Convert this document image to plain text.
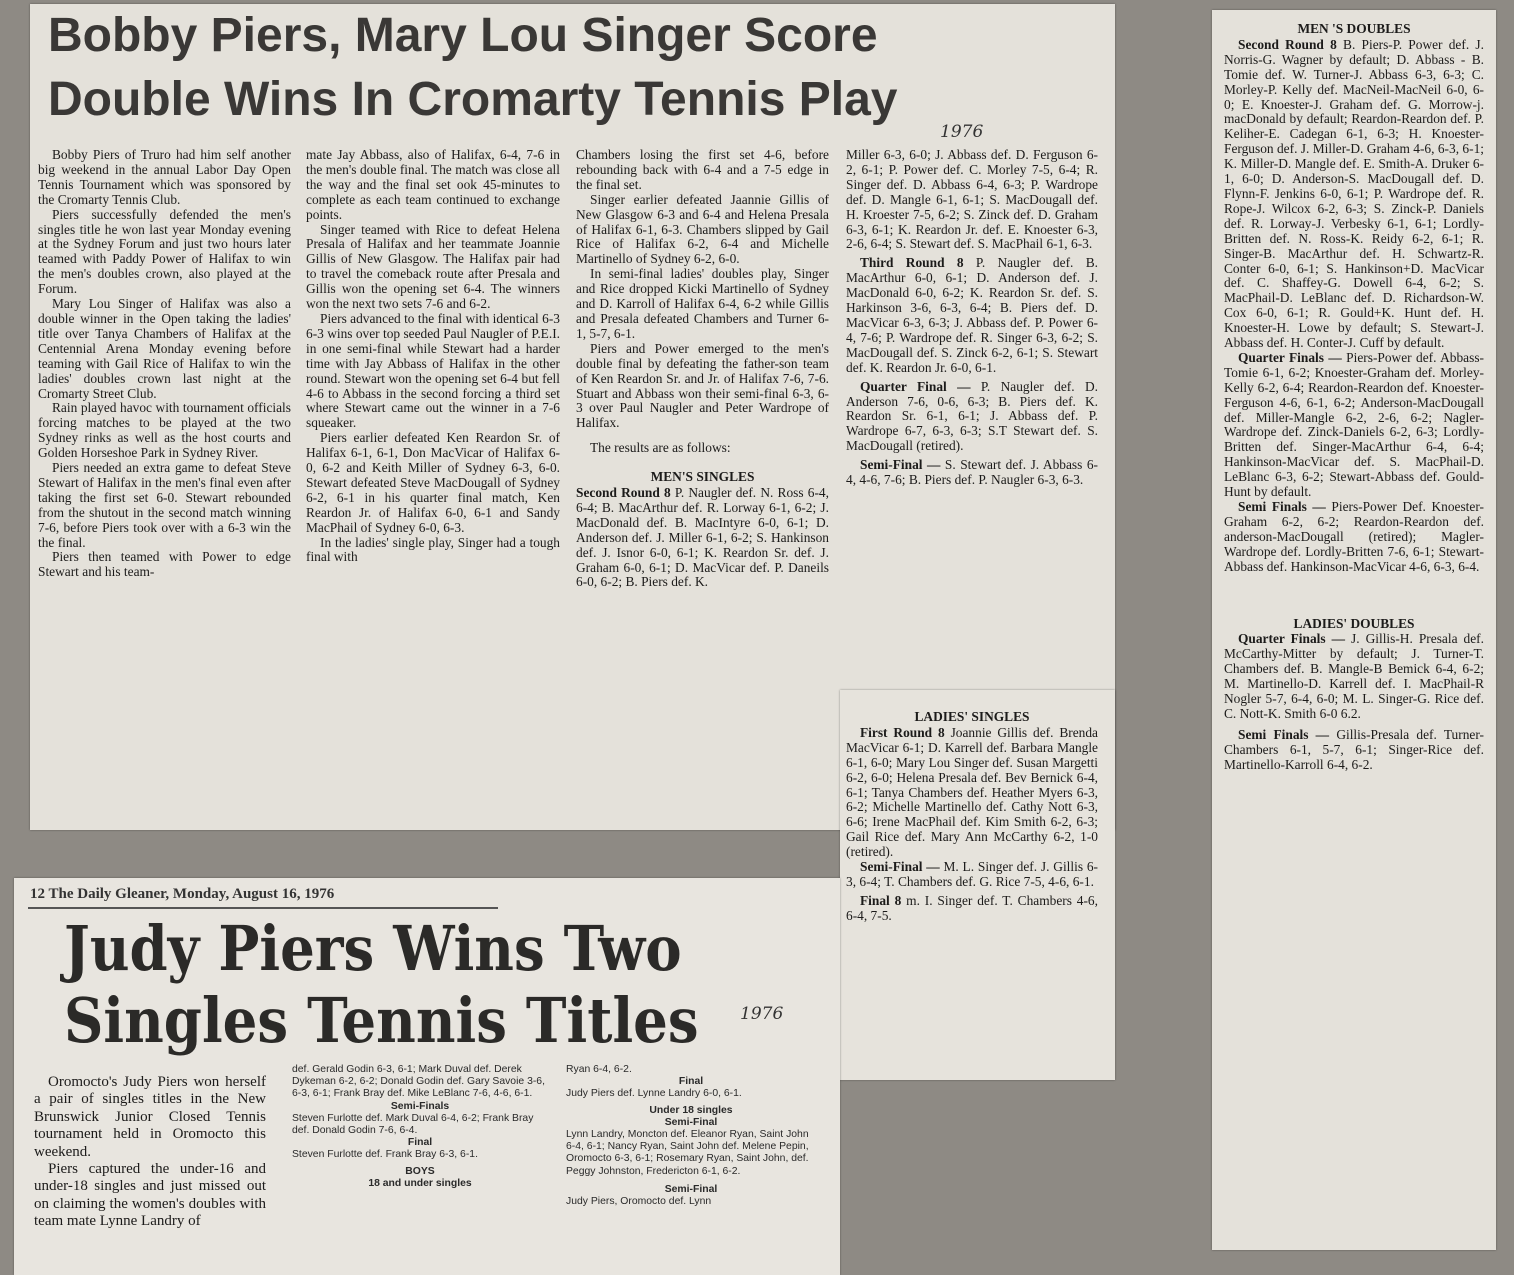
Bobby Piers, Mary Lou Singer Score
Double Wins In Cromarty Tennis Play
1976

Bobby Piers of Truro had him self another big weekend in the annual Labor Day Open Tennis Tournament which was sponsored by the Cromarty Tennis Club.

Piers successfully defended the men's singles title he won last year Monday evening at the Sydney Forum and just two hours later teamed with Paddy Power of Halifax to win the men's doubles crown, also played at the Forum.

Mary Lou Singer of Halifax was also a double winner in the Open taking the ladies' title over Tanya Chambers of Halifax at the Centennial Arena Monday evening before teaming with Gail Rice of Halifax to win the ladies' doubles crown last night at the Cromarty Street Club.

Rain played havoc with tournament officials forcing matches to be played at the two Sydney rinks as well as the host courts and Golden Horseshoe Park in Sydney River.

Piers needed an extra game to defeat Steve Stewart of Halifax in the men's final even after taking the first set 6-0. Stewart rebounded from the shutout in the second match winning 7-6, before Piers took over with a 6-3 win the the final.

Piers then teamed with Power to edge Stewart and his team-

mate Jay Abbass, also of Halifax, 6-4, 7-6 in the men's double final. The match was close all the way and the final set ook 45-minutes to complete as each team continued to exchange points.

Singer teamed with Rice to defeat Helena Presala of Halifax and her teammate Joannie Gillis of New Glasgow. The Halifax pair had to travel the comeback route after Presala and Gillis won the opening set 6-4. The winners won the next two sets 7-6 and 6-2.

Piers advanced to the final with identical 6-3 6-3 wins over top seeded Paul Naugler of P.E.I. in one semi-final while Stewart had a harder time with Jay Abbass of Halifax in the other round. Stewart won the opening set 6-4 but fell 4-6 to Abbass in the second forcing a third set where Stewart came out the winner in a 7-6 squeaker.

Piers earlier defeated Ken Reardon Sr. of Halifax 6-1, 6-1, Don MacVicar of Halifax 6-0, 6-2 and Keith Miller of Sydney 6-3, 6-0. Stewart defeated Steve MacDougall of Sydney 6-2, 6-1 in his quarter final match, Ken Reardon Jr. of Halifax 6-0, 6-1 and Sandy MacPhail of Sydney 6-0, 6-3.

In the ladies' single play, Singer had a tough final with

Chambers losing the first set 4-6, before rebounding back with 6-4 and a 7-5 edge in the final set.

Singer earlier defeated Jaannie Gillis of New Glasgow 6-3 and 6-4 and Helena Presala of Halifax 6-1, 6-3. Chambers slipped by Gail Rice of Halifax 6-2, 6-4 and Michelle Martinello of Sydney 6-2, 6-0.

In semi-final ladies' doubles play, Singer and Rice dropped Kicki Martinello of Sydney and D. Karroll of Halifax 6-4, 6-2 while Gillis and Presala defeated Chambers and Turner 6-1, 5-7, 6-1.

Piers and Power emerged to the men's double final by defeating the father-son team of Ken Reardon Sr. and Jr. of Halifax 7-6, 7-6. Stuart and Abbass won their semi-final 6-3, 6-3 over Paul Naugler and Peter Wardrope of Halifax.

The results are as follows:

MEN'S SINGLES

Second Round 8 P. Naugler def. N. Ross 6-4, 6-4; B. MacArthur def. R. Lorway 6-1, 6-2; J. MacDonald def. B. MacIntyre 6-0, 6-1; D. Anderson def. J. Miller 6-1, 6-2; S. Hankinson def. J. Isnor 6-0, 6-1; K. Reardon Sr. def. J. Graham 6-0, 6-1; D. MacVicar def. P. Daneils 6-0, 6-2; B. Piers def. K.

Miller 6-3, 6-0; J. Abbass def. D. Ferguson 6-2, 6-1; P. Power def. C. Morley 7-5, 6-4; R. Singer def. D. Abbass 6-4, 6-3; P. Wardrope def. D. Mangle 6-1, 6-1; S. MacDougall def. H. Kroester 7-5, 6-2; S. Zinck def. D. Graham 6-3, 6-1; K. Reardon Jr. def. E. Knoester 6-3, 2-6, 6-4; S. Stewart def. S. MacPhail 6-1, 6-3.

Third Round 8 P. Naugler def. B. MacArthur 6-0, 6-1; D. Anderson def. J. MacDonald 6-0, 6-2; K. Reardon Sr. def. S. Harkinson 3-6, 6-3, 6-4; B. Piers def. D. MacVicar 6-3, 6-3; J. Abbass def. P. Power 6-4, 7-6; P. Wardrope def. R. Singer 6-3, 6-2; S. MacDougall def. S. Zinck 6-2, 6-1; S. Stewart def. K. Reardon Jr. 6-0, 6-1.

Quarter Final — P. Naugler def. D. Anderson 7-6, 0-6, 6-3; B. Piers def. K. Reardon Sr. 6-1, 6-1; J. Abbass def. P. Wardrope 6-7, 6-3, 6-3; S.T Stewart def. S. MacDougall (retired).

Semi-Final — S. Stewart def. J. Abbass 6-4, 4-6, 7-6; B. Piers def. P. Naugler 6-3, 6-3.

LADIES' SINGLES

First Round 8 Joannie Gillis def. Brenda MacVicar 6-1; D. Karrell def. Barbara Mangle 6-1, 6-0; Mary Lou Singer def. Susan Margetti 6-2, 6-0; Helena Presala def. Bev Bernick 6-4, 6-1; Tanya Chambers def. Heather Myers 6-3, 6-2; Michelle Martinello def. Cathy Nott 6-3, 6-6; Irene MacPhail def. Kim Smith 6-2, 6-3; Gail Rice def. Mary Ann McCarthy 6-2, 1-0 (retired).

Semi-Final — M. L. Singer def. J. Gillis 6-3, 6-4; T. Chambers def. G. Rice 7-5, 4-6, 6-1.

Final 8 m. I. Singer def. T. Chambers 4-6, 6-4, 7-5.

MEN 'S DOUBLES

Second Round 8 B. Piers-P. Power def. J. Norris-G. Wagner by default; D. Abbass - B. Tomie def. W. Turner-J. Abbass 6-3, 6-3; C. Morley-P. Kelly def. MacNeil-MacNeil 6-0, 6-0; E. Knoester-J. Graham def. G. Morrow-j. macDonald by default; Reardon-Reardon def. P. Keliher-E. Cadegan 6-1, 6-3; H. Knoester-Ferguson def. J. Miller-D. Graham 4-6, 6-3, 6-1; K. Miller-D. Mangle def. E. Smith-A. Druker 6-1, 6-0; D. Anderson-S. MacDougall def. D. Flynn-F. Jenkins 6-0, 6-1; P. Wardrope def. R. Rope-J. Wilcox 6-2, 6-3; S. Zinck-P. Daniels def. R. Lorway-J. Verbesky 6-1, 6-1; Lordly-Britten def. N. Ross-K. Reidy 6-2, 6-1; R. Singer-B. MacArthur def. H. Schwartz-R. Conter 6-0, 6-1; S. Hankinson+D. MacVicar def. C. Shaffey-G. Dowell 6-4, 6-2; S. MacPhail-D. LeBlanc def. D. Richardson-W. Cox 6-0, 6-1; R. Gould+K. Hunt def. H. Knoester-H. Lowe by default; S. Stewart-J. Abbass def. H. Conter-J. Cuff by default.

Quarter Finals — Piers-Power def. Abbass-Tomie 6-1, 6-2; Knoester-Graham def. Morley-Kelly 6-2, 6-4; Reardon-Reardon def. Knoester-Ferguson 4-6, 6-1, 6-2; Anderson-MacDougall def. Miller-Mangle 6-2, 2-6, 6-2; Nagler-Wardrope def. Zinck-Daniels 6-2, 6-3; Lordly-Britten def. Singer-MacArthur 6-4, 6-4; Hankinson-MacVicar def. S. MacPhail-D. LeBlanc 6-3, 6-2; Stewart-Abbass def. Gould-Hunt by default.

Semi Finals — Piers-Power Def. Knoester-Graham 6-2, 6-2; Reardon-Reardon def. anderson-MacDougall (retired); Magler-Wardrope def. Lordly-Britten 7-6, 6-1; Stewart-Abbass def. Hankinson-MacVicar 4-6, 6-3, 6-4.

LADIES' DOUBLES

Quarter Finals — J. Gillis-H. Presala def. McCarthy-Mitter by default; J. Turner-T. Chambers def. B. Mangle-B Bemick 6-4, 6-2; M. Martinello-D. Karrell def. I. MacPhail-R Nogler 5-7, 6-4, 6-0; M. L. Singer-G. Rice def. C. Nott-K. Smith 6-0 6.2.

Semi Finals — Gillis-Presala def. Turner-Chambers 6-1, 5-7, 6-1; Singer-Rice def. Martinello-Karroll 6-4, 6-2.

12 The Daily Gleaner, Monday, August 16, 1976
Judy Piers Wins Two
Singles Tennis Titles 1976

Oromocto's Judy Piers won herself a pair of singles titles in the New Brunswick Junior Closed Tennis tournament held in Oromocto this weekend.

Piers captured the under-16 and under-18 singles and just missed out on claiming the women's doubles with team mate Lynne Landry of

def. Gerald Godin 6-3, 6-1; Mark Duval def. Derek Dykeman 6-2, 6-2; Donald Godin def. Gary Savoie 3-6, 6-3, 6-1; Frank Bray def. Mike LeBlanc 7-6, 4-6, 6-1.

Semi-Finals

Steven Furlotte def. Mark Duval 6-4, 6-2; Frank Bray def. Donald Godin 7-6, 6-4.

Final

Steven Furlotte def. Frank Bray 6-3, 6-1.

BOYS

18 and under singles

Ryan 6-4, 6-2.

Final

Judy Piers def. Lynne Landry 6-0, 6-1.

Under 18 singles

Semi-Final

Lynn Landry, Moncton def. Eleanor Ryan, Saint John 6-4, 6-1; Nancy Ryan, Saint John def. Melene Pepin, Oromocto 6-3, 6-1; Rosemary Ryan, Saint John, def. Peggy Johnston, Fredericton 6-1, 6-2.

Semi-Final

Judy Piers, Oromocto def. Lynn
